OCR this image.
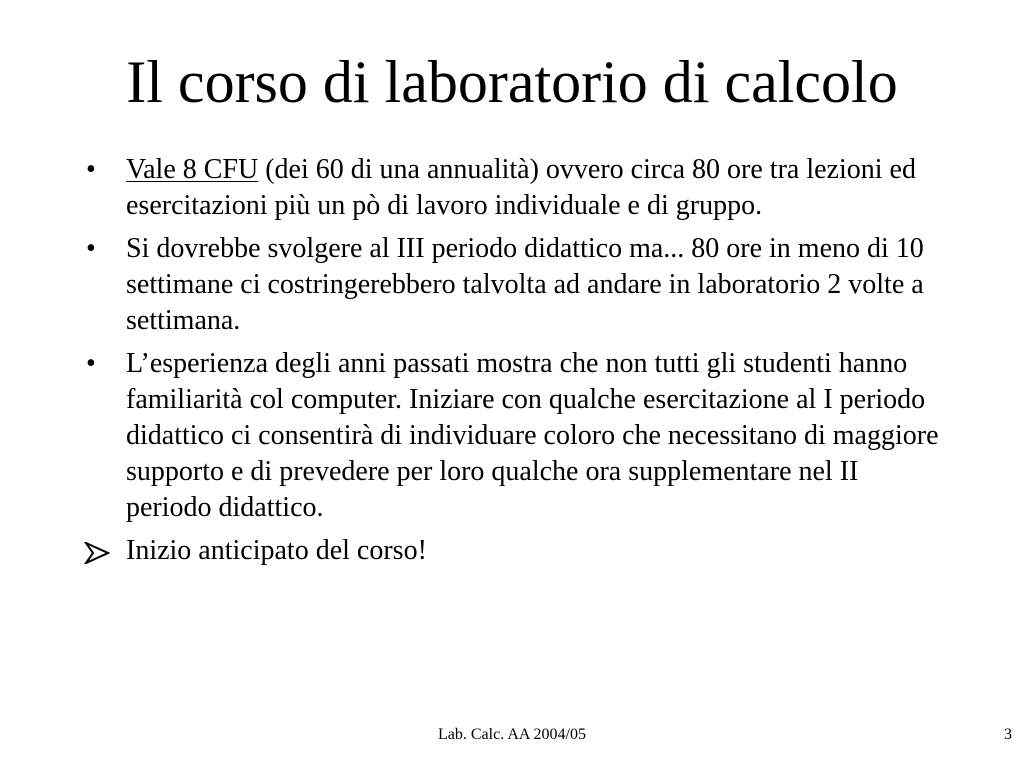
Il corso di laboratorio di calcolo
•	Vale 8 CFU (dei 60 di una annualità) ovvero circa 80 ore tra lezioni ed esercitazioni più un pò di lavoro individuale e di gruppo.
•	Si dovrebbe svolgere al III periodo didattico ma... 80 ore in meno di 10 settimane ci costringerebbero talvolta ad andare in laboratorio 2 volte a settimana.
•	L’esperienza degli anni passati mostra che non tutti gli studenti hanno familiarità col computer. Iniziare con qualche esercitazione al I periodo didattico ci consentirà di individuare coloro che necessitano di maggiore supporto e di prevedere per loro qualche ora supplementare nel II periodo didattico.
Inizio anticipato del corso!
Lab. Calc. AA 2004/05	3
